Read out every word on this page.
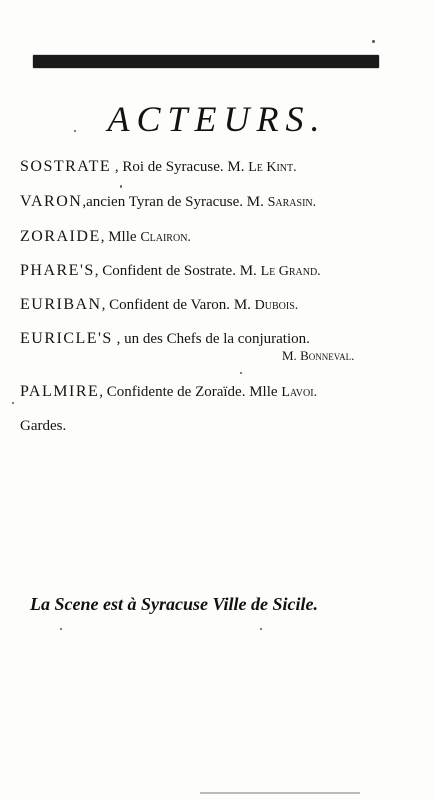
ACTEURS.
SOSTRATE , Roi de Syracuse. M. Le Kint.
VARON,ancien Tyran de Syracuse. M. Sarasin.
ZORAIDE, Mlle Clairon.
PHARE'S, Confident de Sostrate. M. Le Grand.
EURIBAN, Confident de Varon. M. Dubois.
EURICLE'S , un des Chefs de la conjuration.
M. Bonneval.
PALMIRE, Confidente de Zoraïde. Mlle Lavoi.
Gardes.
La Scene est à Syracuse Ville de Sicile.
